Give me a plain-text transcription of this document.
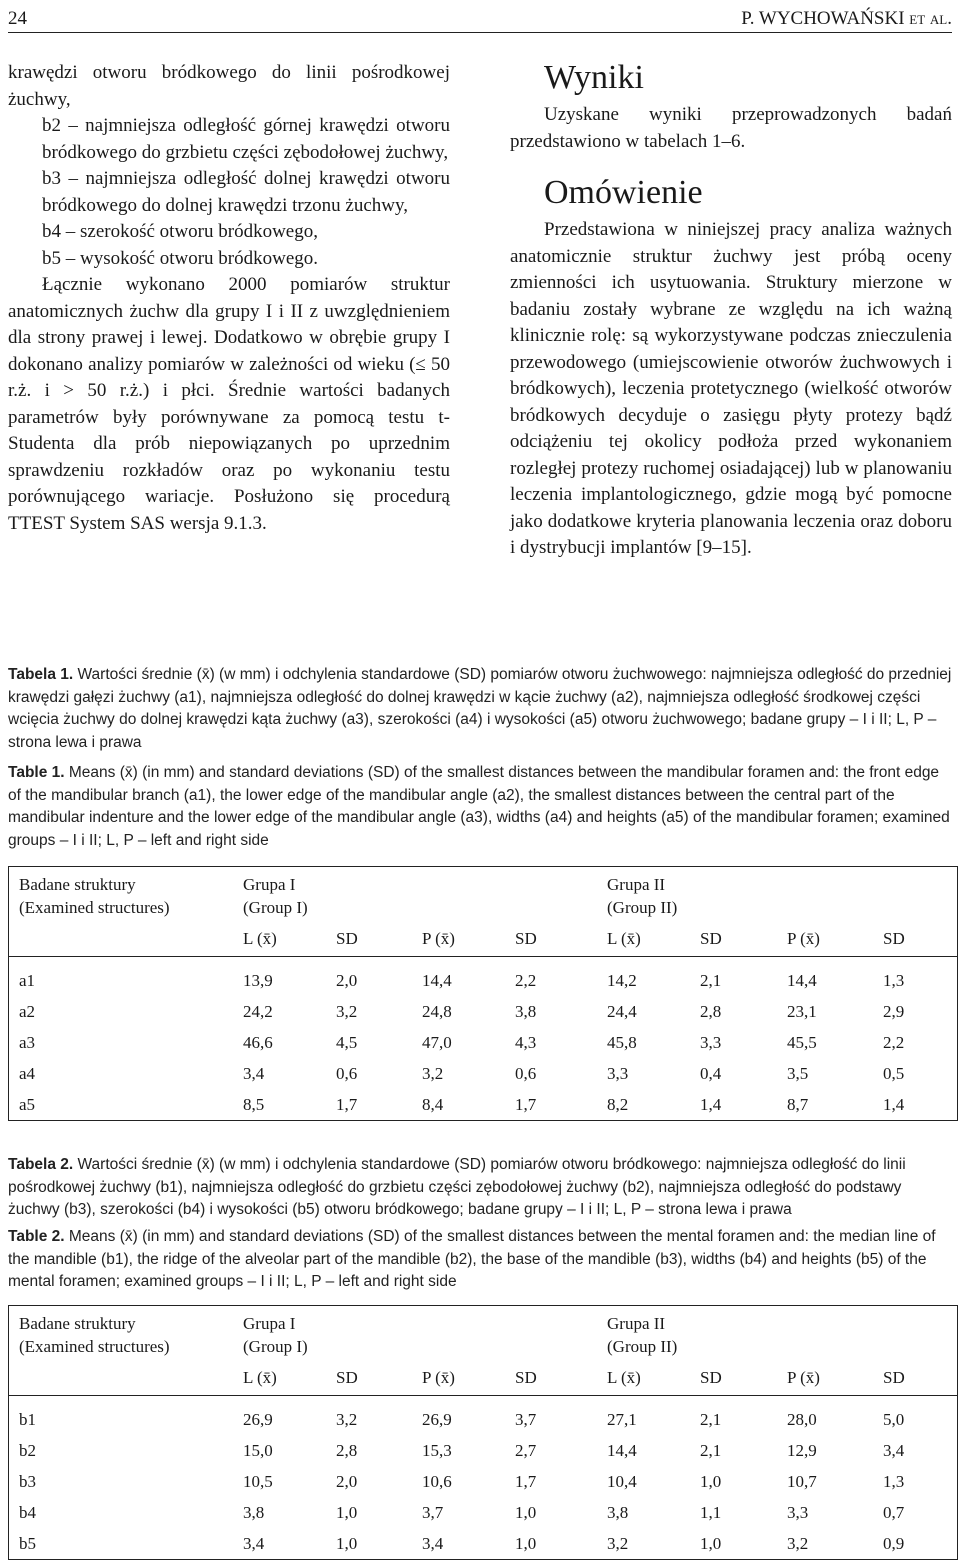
24	P. WYCHOWAŃSKI et al.

krawędzi otworu bródkowego do linii pośrodkowej żuchwy,

b2 – najmniejsza odległość górnej krawędzi otworu bródkowego do grzbietu części zębodołowej żuchwy,

b3 – najmniejsza odległość dolnej krawędzi otworu bródkowego do dolnej krawędzi trzonu żuchwy,

b4 – szerokość otworu bródkowego,

b5 – wysokość otworu bródkowego.

Łącznie wykonano 2000 pomiarów struktur anatomicznych żuchw dla grupy I i II z uwzględnieniem dla strony prawej i lewej. Dodatkowo w obrębie grupy I dokonano analizy pomiarów w zależności od wieku (≤ 50 r.ż. i > 50 r.ż.) i płci. Średnie wartości badanych parametrów były porównywane za pomocą testu t-Studenta dla prób niepowiązanych po uprzednim sprawdzeniu rozkładów oraz po wykonaniu testu porównującego wariacje. Posłużono się procedurą TTEST System SAS wersja 9.1.3.

Wyniki

Uzyskane wyniki przeprowadzonych badań przedstawiono w tabelach 1–6.

Omówienie

Przedstawiona w niniejszej pracy analiza ważnych anatomicznie struktur żuchwy jest próbą oceny zmienności ich usytuowania. Struktury mierzone w badaniu zostały wybrane ze względu na ich ważną klinicznie rolę: są wykorzystywane podczas znieczulenia przewodowego (umiejscowienie otworów żuchwowych i bródkowych), leczenia protetycznego (wielkość otworów bródkowych decyduje o zasięgu płyty protezy bądź odciążeniu tej okolicy podłoża przed wykonaniem rozległej protezy ruchomej osiadającej) lub w planowaniu leczenia implantologicznego, gdzie mogą być pomocne jako dodatkowe kryteria planowania leczenia oraz doboru i dystrybucji implantów [9–15].

Tabela 1. Wartości średnie (x̄) (w mm) i odchylenia standardowe (SD) pomiarów otworu żuchwowego: najmniejsza odległość do przedniej krawędzi gałęzi żuchwy (a1), najmniejsza odległość do dolnej krawędzi w kącie żuchwy (a2), najmniejsza odległość środkowej części wcięcia żuchwy do dolnej krawędzi kąta żuchwy (a3), szerokości (a4) i wysokości (a5) otworu żuchwowego; badane grupy – I i II; L, P – strona lewa i prawa
Table 1. Means (x̄) (in mm) and standard deviations (SD) of the smallest distances between the mandibular foramen and: the front edge of the mandibular branch (a1), the lower edge of the mandibular angle (a2), the smallest distances between the central part of the mandibular indenture and the lower edge of the mandibular angle (a3), widths (a4) and heights (a5) of the mandibular foramen; examined groups – I i II; L, P – left and right side
Badane struktury
(Examined structures)	Grupa I
(Group I)				Grupa II
(Group II)			
	L (x̄)	SD	P (x̄)	SD	L (x̄)	SD	P (x̄)	SD
a1	13,9	2,0	14,4	2,2	14,2	2,1	14,4	1,3
a2	24,2	3,2	24,8	3,8	24,4	2,8	23,1	2,9
a3	46,6	4,5	47,0	4,3	45,8	3,3	45,5	2,2
a4	3,4	0,6	3,2	0,6	3,3	0,4	3,5	0,5
a5	8,5	1,7	8,4	1,7	8,2	1,4	8,7	1,4
Tabela 2. Wartości średnie (x̄) (w mm) i odchylenia standardowe (SD) pomiarów otworu bródkowego: najmniejsza odległość do linii pośrodkowej żuchwy (b1), najmniejsza odległość do grzbietu części zębodołowej żuchwy (b2), najmniejsza odległość do podstawy żuchwy (b3), szerokości (b4) i wysokości (b5) otworu bródkowego; badane grupy – I i II; L, P – strona lewa i prawa
Table 2. Means (x̄) (in mm) and standard deviations (SD) of the smallest distances between the mental foramen and: the median line of the mandible (b1), the ridge of the alveolar part of the mandible (b2), the base of the mandible (b3), widths (b4) and heights (b5) of the mental foramen; examined groups – I i II; L, P – left and right side
Badane struktury
(Examined structures)	Grupa I
(Group I)				Grupa II
(Group II)			
	L (x̄)	SD	P (x̄)	SD	L (x̄)	SD	P (x̄)	SD
b1	26,9	3,2	26,9	3,7	27,1	2,1	28,0	5,0
b2	15,0	2,8	15,3	2,7	14,4	2,1	12,9	3,4
b3	10,5	2,0	10,6	1,7	10,4	1,0	10,7	1,3
b4	3,8	1,0	3,7	1,0	3,8	1,1	3,3	0,7
b5	3,4	1,0	3,4	1,0	3,2	1,0	3,2	0,9
